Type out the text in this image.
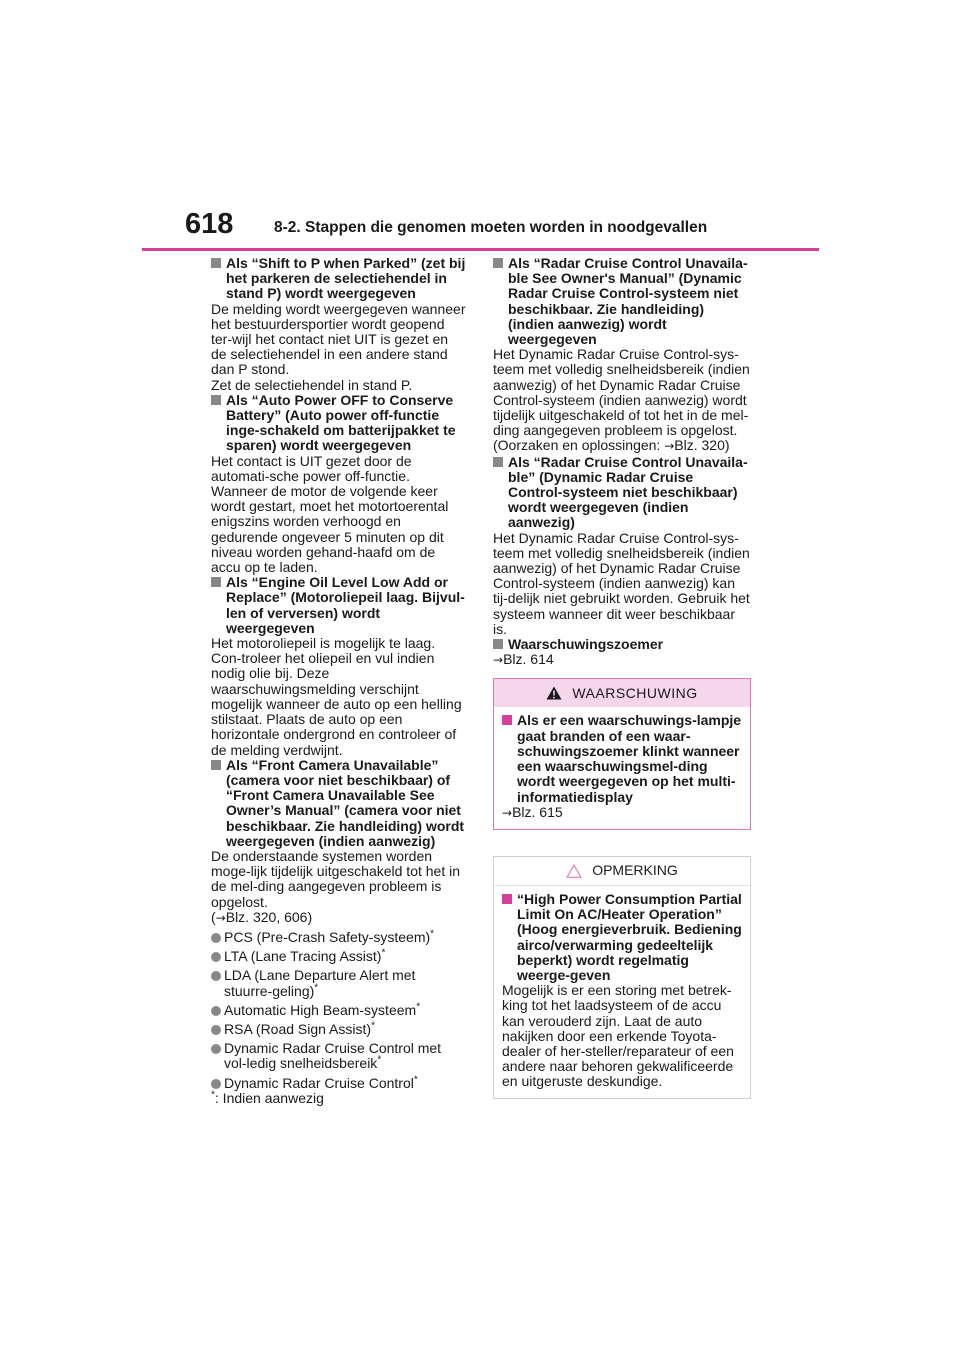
618	8-2. Stappen die genomen moeten worden in noodgevallen
Als “Shift to P when Parked” (zet bij het parkeren de selectiehendel in stand P) wordt weergegeven

De melding wordt weergegeven wanneer het bestuurdersportier wordt geopend ter-wijl het contact niet UIT is gezet en de selectiehendel in een andere stand dan P stond.

Zet de selectiehendel in stand P.

Als “Auto Power OFF to Conserve Battery” (Auto power off-functie inge-schakeld om batterijpakket te sparen) wordt weergegeven

Het contact is UIT gezet door de automati-sche power off-functie.

Wanneer de motor de volgende keer wordt gestart, moet het motortoerental enigszins worden verhoogd en gedurende ongeveer 5 minuten op dit niveau worden gehand-haafd om de accu op te laden.

Als “Engine Oil Level Low Add or Replace” (Motoroliepeil laag. Bijvul-len of verversen) wordt weergegeven

Het motoroliepeil is mogelijk te laag. Con-troleer het oliepeil en vul indien nodig olie bij. Deze waarschuwingsmelding verschijnt mogelijk wanneer de auto op een helling stilstaat. Plaats de auto op een horizontale ondergrond en controleer of de melding verdwijnt.

Als “Front Camera Unavailable” (camera voor niet beschikbaar) of “Front Camera Unavailable See Owner’s Manual” (camera voor niet beschikbaar. Zie handleiding) wordt weergegeven (indien aanwezig)

De onderstaande systemen worden moge-lijk tijdelijk uitgeschakeld tot het in de mel-ding aangegeven probleem is opgelost.

(→Blz. 320, 606)

PCS (Pre-Crash Safety-systeem)*
LTA (Lane Tracing Assist)*
LDA (Lane Departure Alert met stuurre-geling)*
Automatic High Beam-systeem*
RSA (Road Sign Assist)*
Dynamic Radar Cruise Control met vol-ledig snelheidsbereik*
Dynamic Radar Cruise Control*
*: Indien aanwezig
Als “Radar Cruise Control Unavaila-ble See Owner's Manual” (Dynamic Radar Cruise Control-systeem niet beschikbaar. Zie handleiding) (indien aanwezig) wordt weergegeven

Het Dynamic Radar Cruise Control-sys-teem met volledig snelheidsbereik (indien aanwezig) of het Dynamic Radar Cruise Control-systeem (indien aanwezig) wordt tijdelijk uitgeschakeld of tot het in de mel-ding aangegeven probleem is opgelost.

(Oorzaken en oplossingen: →Blz. 320)

Als “Radar Cruise Control Unavaila-ble” (Dynamic Radar Cruise Control-systeem niet beschikbaar) wordt weergegeven (indien aanwezig)

Het Dynamic Radar Cruise Control-sys-teem met volledig snelheidsbereik (indien aanwezig) of het Dynamic Radar Cruise Control-systeem (indien aanwezig) kan tij-delijk niet gebruikt worden. Gebruik het systeem wanneer dit weer beschikbaar is.

Waarschuwingszoemer

→Blz. 614

WAARSCHUWING
Als er een waarschuwings-lampje gaat branden of een waar-schuwingszoemer klinkt wanneer een waarschuwingsmel-ding wordt weergegeven op het multi-informatiedisplay

→Blz. 615

OPMERKING
“High Power Consumption Partial Limit On AC/Heater Operation” (Hoog energieverbruik. Bediening airco/verwarming gedeeltelijk beperkt) wordt regelmatig weerge-geven

Mogelijk is er een storing met betrek-king tot het laadsysteem of de accu kan verouderd zijn. Laat de auto nakijken door een erkende Toyota-dealer of her-steller/reparateur of een andere naar behoren gekwalificeerde en uitgeruste deskundige.
